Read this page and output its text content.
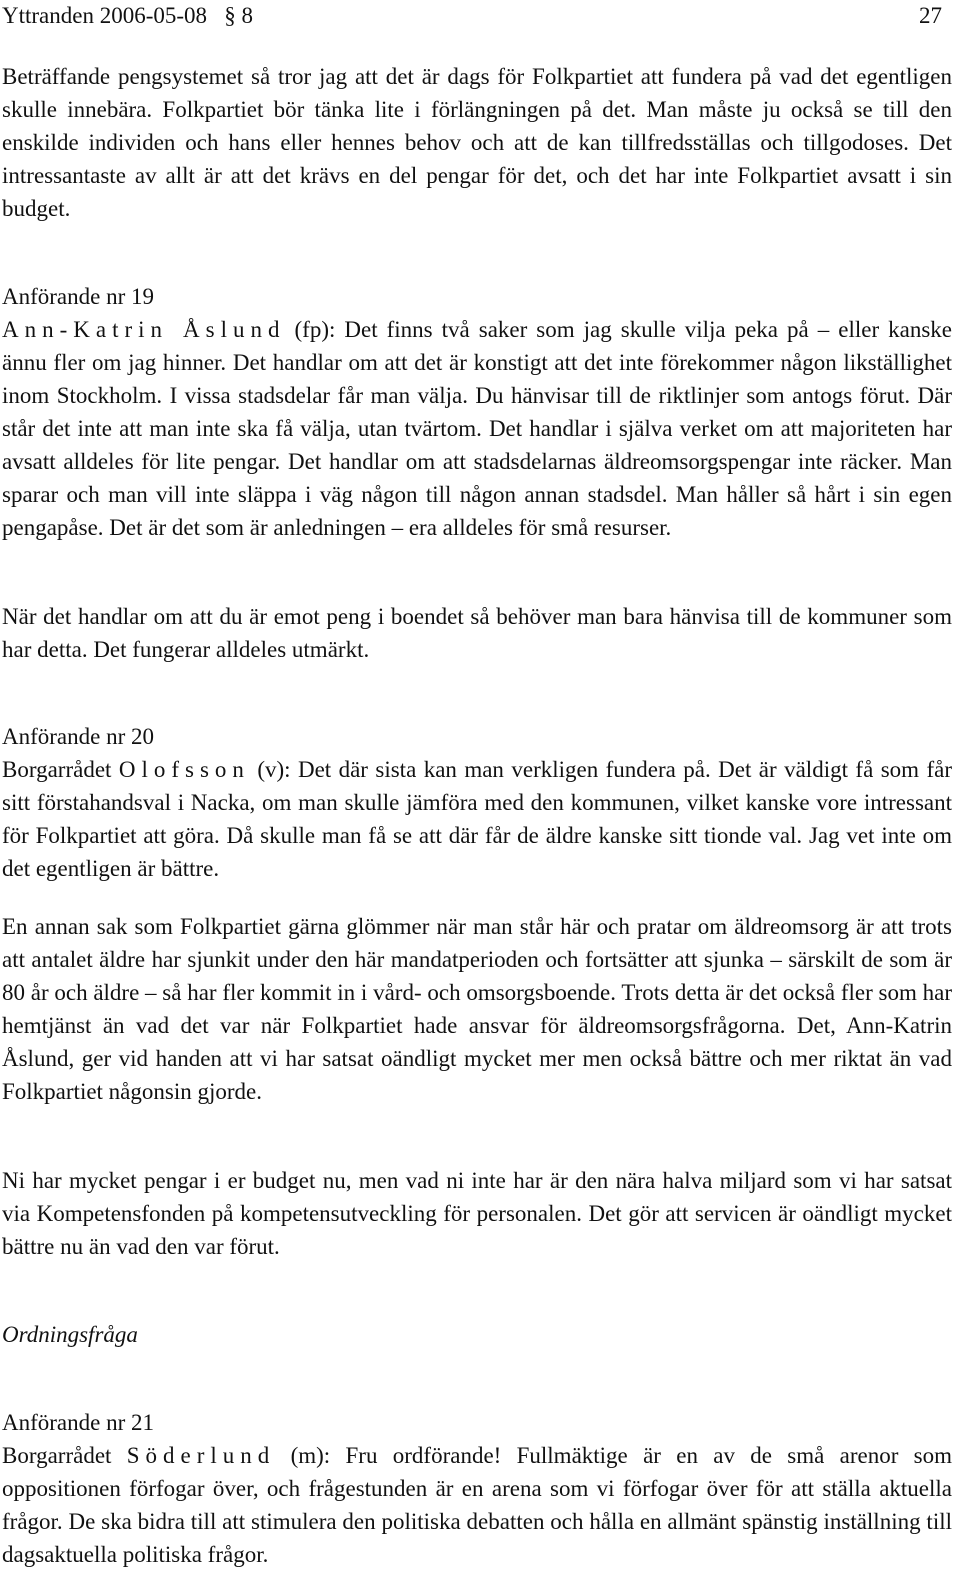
Yttranden 2006-05-08 § 8	27

Beträffande pengsystemet så tror jag att det är dags för Folkpartiet att fundera på vad det egentligen skulle innebära. Folkpartiet bör tänka lite i förlängningen på det. Man måste ju också se till den enskilde individen och hans eller hennes behov och att de kan tillfredsställas och tillgodoses. Det intressantaste av allt är att det krävs en del pengar för det, och det har inte Folkpartiet avsatt i sin budget.

Anförande nr 19

Ann-Katrin Åslund (fp): Det finns två saker som jag skulle vilja peka på – eller kanske ännu fler om jag hinner. Det handlar om att det är konstigt att det inte förekommer någon likställighet inom Stockholm. I vissa stadsdelar får man välja. Du hänvisar till de riktlinjer som antogs förut. Där står det inte att man inte ska få välja, utan tvärtom. Det handlar i själva verket om att majoriteten har avsatt alldeles för lite pengar. Det handlar om att stadsdelarnas äldreomsorgspengar inte räcker. Man sparar och man vill inte släppa i väg någon till någon annan stadsdel. Man håller så hårt i sin egen pengapåse. Det är det som är anledningen – era alldeles för små resurser.

När det handlar om att du är emot peng i boendet så behöver man bara hänvisa till de kommuner som har detta. Det fungerar alldeles utmärkt.

Anförande nr 20

Borgarrådet Olofsson (v): Det där sista kan man verkligen fundera på. Det är väldigt få som får sitt förstahandsval i Nacka, om man skulle jämföra med den kommunen, vilket kanske vore intressant för Folkpartiet att göra. Då skulle man få se att där får de äldre kanske sitt tionde val. Jag vet inte om det egentligen är bättre.

En annan sak som Folkpartiet gärna glömmer när man står här och pratar om äldreomsorg är att trots att antalet äldre har sjunkit under den här mandatperioden och fortsätter att sjunka – särskilt de som är 80 år och äldre – så har fler kommit in i vård- och omsorgsboende. Trots detta är det också fler som har hemtjänst än vad det var när Folkpartiet hade ansvar för äldreomsorgsfrågorna. Det, Ann-Katrin Åslund, ger vid handen att vi har satsat oändligt mycket mer men också bättre och mer riktat än vad Folkpartiet någonsin gjorde.

Ni har mycket pengar i er budget nu, men vad ni inte har är den nära halva miljard som vi har satsat via Kompetensfonden på kompetensutveckling för personalen. Det gör att servicen är oändligt mycket bättre nu än vad den var förut.

Ordningsfråga

Anförande nr 21

Borgarrådet Söderlund (m): Fru ordförande! Fullmäktige är en av de små arenor som oppositionen förfogar över, och frågestunden är en arena som vi förfogar över för att ställa aktuella frågor. De ska bidra till att stimulera den politiska debatten och hålla en allmänt spänstig inställning till dagsaktuella politiska frågor.
